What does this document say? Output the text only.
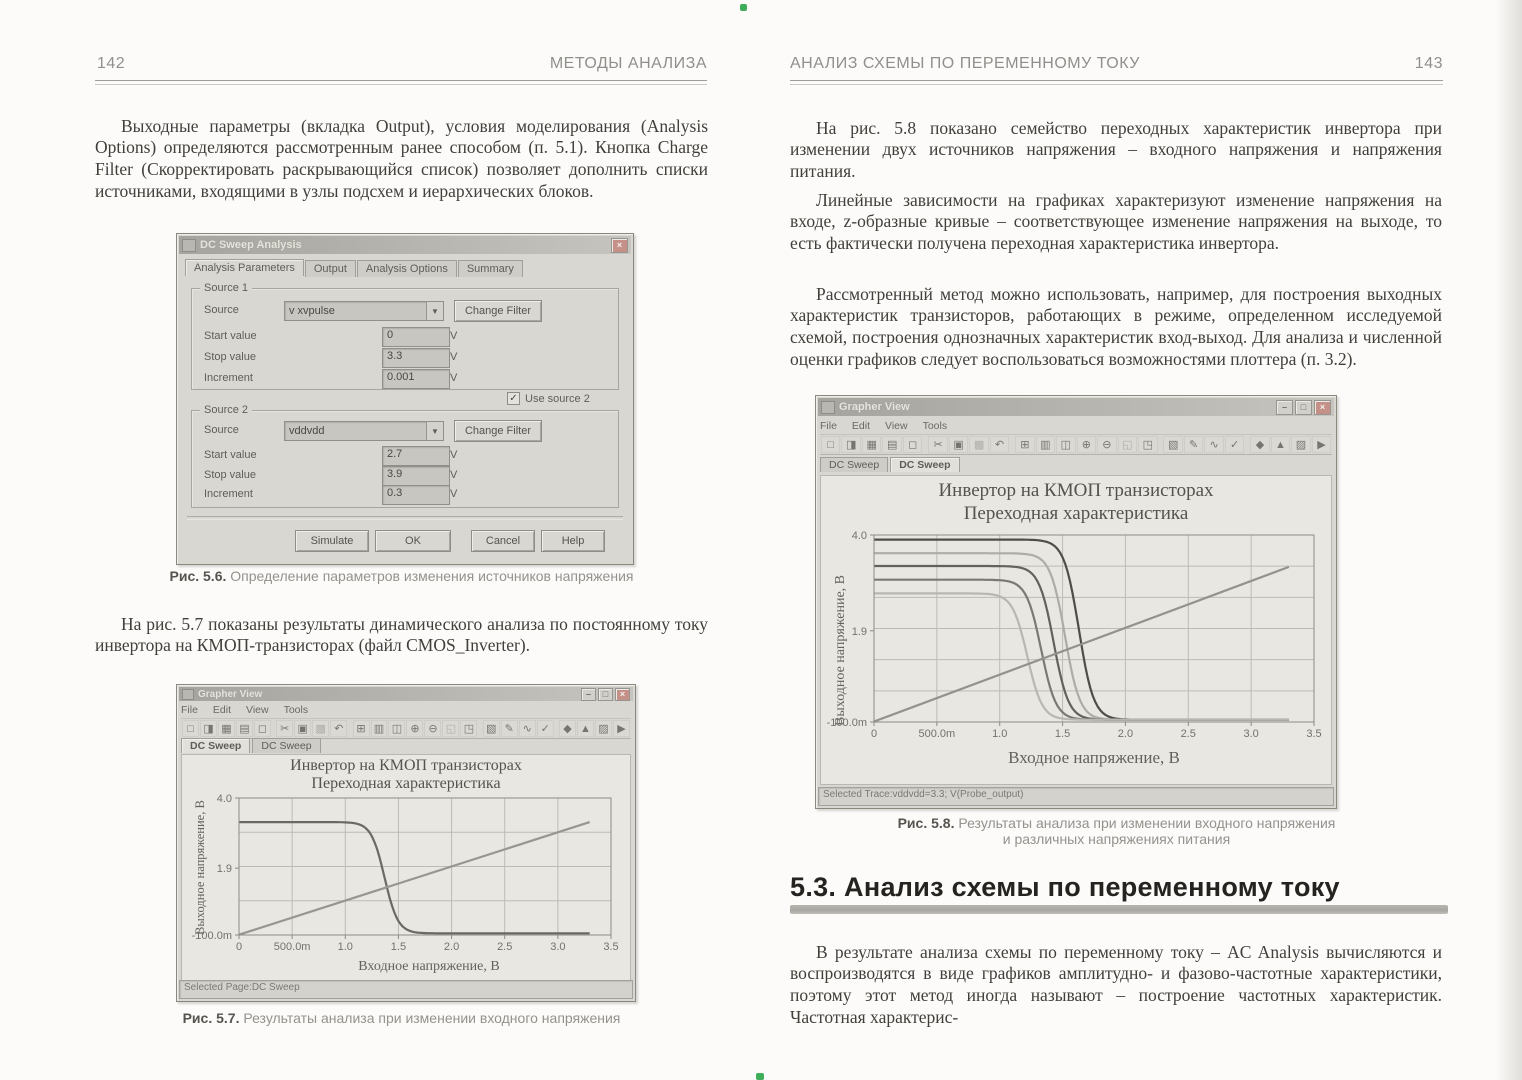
142	МЕТОДЫ АНАЛИЗА

Выходные параметры (вкладка Output), условия моделирования (Analysis Options) определяются рассмотренным ранее способом (п. 5.1). Кнопка Charge Filter (Скорректировать раскрывающийся список) позволяет дополнить списки источниками, входящими в узлы подсхем и иерархических блоков.

DC Sweep Analysis	×
Analysis Parameters	Output	Analysis Options	Summary
Source 1
Source	v xvpulse	▼	Change Filter
Start value	0	V
Stop value	3.3	V
Increment	0.001	V
✓ Use source 2
Source 2
Source	vddvdd	▼	Change Filter
Start value	2.7	V
Stop value	3.9	V
Increment	0.3	V
Simulate	OK	Cancel	Help
Рис. 5.6. Определение параметров изменения источников напряжения

На рис. 5.7 показаны результаты динамического анализа по постоянному току инвертора на КМОП-транзисторах (файл CMOS_Inverter).

Grapher View	–	□	×
File Edit View Tools
□ ◨ ▦ ▤ ◻	✂ ▣ ▩ ↶	⊞ ▥ ◫ ⊕ ⊖ ◱ ◳ ▧ ✎ ∿ ✓	◆ ▲ ▨ ▶
DC Sweep	DC Sweep
Инвертор на КМОП транзисторах
Переходная характеристика
Выходное напряжение, В
0	500.0m 1.0	1.5	2.0	2.5	3.0	3.5
4.0
1.9
-100.0m
Входное напряжение, В
Selected Page:DC Sweep
Рис. 5.7. Результаты анализа при изменении входного напряжения
АНАЛИЗ СХЕМЫ ПО ПЕРЕМЕННОМУ ТОКУ	143

На рис. 5.8 показано семейство переходных характеристик инвертора при изменении двух источников напряжения – входного напряжения и напряжения питания.

Линейные зависимости на графиках характеризуют изменение напряжения на входе, z-образные кривые – соответствующее изменение напряжения на выходе, то есть фактически получена переходная характеристика инвертора.

Рассмотренный метод можно использовать, например, для построения выходных характеристик транзисторов, работающих в режиме, определенном исследуемой схемой, построения однозначных характеристик вход-выход. Для анализа и численной оценки графиков следует воспользоваться возможностями плоттера (п. 3.2).

Grapher View	–	□	×
File Edit View Tools
□	◨ ▦ ▤ ◻	✂ ▣ ▩ ↶	⊞ ▥ ◫ ⊕	⊖ ◱ ◳	▧ ✎	∿	✓	◆ ▲ ▨	▶
DC Sweep	DC Sweep
Инвертор на КМОП транзисторах
Переходная характеристика
Выходное напряжение, В
0	500.0m	1.0	1.5	2.0	2.5	3.0	3.5
4.0
1.9
-100.0m
Входное напряжение, В
Selected Trace:vddvdd=3.3; V(Probe_output)
Рис. 5.8. Результаты анализа при изменении входного напряжения
и различных напряжениях питания
5.3. Анализ схемы по переменному току

В результате анализа схемы по переменному току – AC Analysis вычисляются и воспроизводятся в виде графиков амплитудно- и фазово-частотные характеристики, поэтому этот метод иногда называют – построение частотных характеристик. Частотная характерис-
